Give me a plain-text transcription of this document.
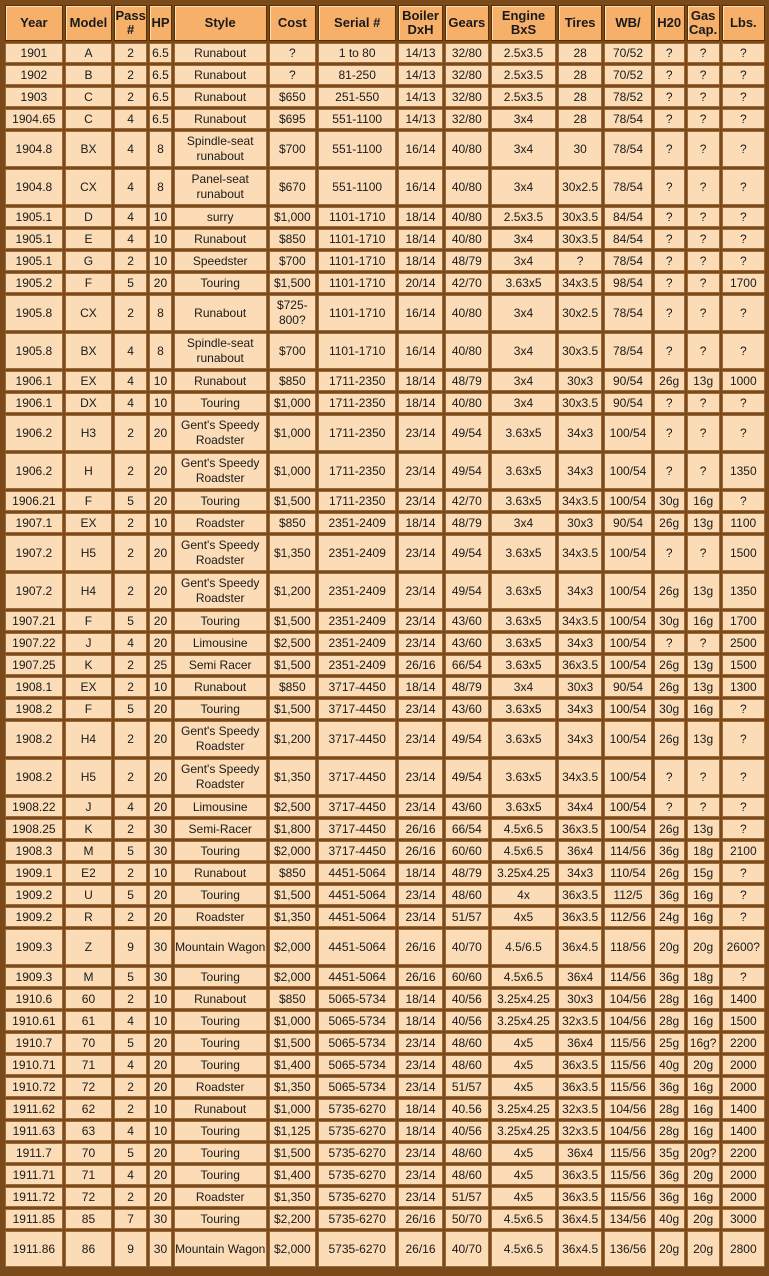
Year	Model	Pass #	HP	Style	Cost	Serial #	Boiler DxH	Gears	Engine BxS	Tires	WB/	H20	Gas Cap.	Lbs.
1901	A	2	6.5	Runabout	?	1 to 80	14/13	32/80	2.5x3.5	28	70/52	?	?	?
1902	B	2	6.5	Runabout	?	81-250	14/13	32/80	2.5x3.5	28	70/52	?	?	?
1903	C	2	6.5	Runabout	$650	251-550	14/13	32/80	2.5x3.5	28	78/52	?	?	?
1904.65	C	4	6.5	Runabout	$695	551-1100	14/13	32/80	3x4	28	78/54	?	?	?
1904.8	BX	4	8	Spindle-seat runabout	$700	551-1100	16/14	40/80	3x4	30	78/54	?	?	?
1904.8	CX	4	8	Panel-seat runabout	$670	551-1100	16/14	40/80	3x4	30x2.5	78/54	?	?	?
1905.1	D	4	10	surry	$1,000	1101-1710	18/14	40/80	2.5x3.5	30x3.5	84/54	?	?	?
1905.1	E	4	10	Runabout	$850	1101-1710	18/14	40/80	3x4	30x3.5	84/54	?	?	?
1905.1	G	2	10	Speedster	$700	1101-1710	18/14	48/79	3x4	?	78/54	?	?	?
1905.2	F	5	20	Touring	$1,500	1101-1710	20/14	42/70	3.63x5	34x3.5	98/54	?	?	1700
1905.8	CX	2	8	Runabout	$725-800?	1101-1710	16/14	40/80	3x4	30x2.5	78/54	?	?	?
1905.8	BX	4	8	Spindle-seat runabout	$700	1101-1710	16/14	40/80	3x4	30x3.5	78/54	?	?	?
1906.1	EX	4	10	Runabout	$850	1711-2350	18/14	48/79	3x4	30x3	90/54	26g	13g	1000
1906.1	DX	4	10	Touring	$1,000	1711-2350	18/14	40/80	3x4	30x3.5	90/54	?	?	?
1906.2	H3	2	20	Gent's Speedy Roadster	$1,000	1711-2350	23/14	49/54	3.63x5	34x3	100/54	?	?	?
1906.2	H	2	20	Gent's Speedy Roadster	$1,000	1711-2350	23/14	49/54	3.63x5	34x3	100/54	?	?	1350
1906.21	F	5	20	Touring	$1,500	1711-2350	23/14	42/70	3.63x5	34x3.5	100/54	30g	16g	?
1907.1	EX	2	10	Roadster	$850	2351-2409	18/14	48/79	3x4	30x3	90/54	26g	13g	1100
1907.2	H5	2	20	Gent's Speedy Roadster	$1,350	2351-2409	23/14	49/54	3.63x5	34x3.5	100/54	?	?	1500
1907.2	H4	2	20	Gent's Speedy Roadster	$1,200	2351-2409	23/14	49/54	3.63x5	34x3	100/54	26g	13g	1350
1907.21	F	5	20	Touring	$1,500	2351-2409	23/14	43/60	3.63x5	34x3.5	100/54	30g	16g	1700
1907.22	J	4	20	Limousine	$2,500	2351-2409	23/14	43/60	3.63x5	34x3	100/54	?	?	2500
1907.25	K	2	25	Semi Racer	$1,500	2351-2409	26/16	66/54	3.63x5	36x3.5	100/54	26g	13g	1500
1908.1	EX	2	10	Runabout	$850	3717-4450	18/14	48/79	3x4	30x3	90/54	26g	13g	1300
1908.2	F	5	20	Touring	$1,500	3717-4450	23/14	43/60	3.63x5	34x3	100/54	30g	16g	?
1908.2	H4	2	20	Gent's Speedy Roadster	$1,200	3717-4450	23/14	49/54	3.63x5	34x3	100/54	26g	13g	?
1908.2	H5	2	20	Gent's Speedy Roadster	$1,350	3717-4450	23/14	49/54	3.63x5	34x3.5	100/54	?	?	?
1908.22	J	4	20	Limousine	$2,500	3717-4450	23/14	43/60	3.63x5	34x4	100/54	?	?	?
1908.25	K	2	30	Semi-Racer	$1,800	3717-4450	26/16	66/54	4.5x6.5	36x3.5	100/54	26g	13g	?
1908.3	M	5	30	Touring	$2,000	3717-4450	26/16	60/60	4.5x6.5	36x4	114/56	36g	18g	2100
1909.1	E2	2	10	Runabout	$850	4451-5064	18/14	48/79	3.25x4.25	34x3	110/54	26g	15g	?
1909.2	U	5	20	Touring	$1,500	4451-5064	23/14	48/60	4x	36x3.5	112/5	36g	16g	?
1909.2	R	2	20	Roadster	$1,350	4451-5064	23/14	51/57	4x5	36x3.5	112/56	24g	16g	?
1909.3	Z	9	30	Mountain Wagon	$2,000	4451-5064	26/16	40/70	4.5/6.5	36x4.5	118/56	20g	20g	2600?
1909.3	M	5	30	Touring	$2,000	4451-5064	26/16	60/60	4.5x6.5	36x4	114/56	36g	18g	?
1910.6	60	2	10	Runabout	$850	5065-5734	18/14	40/56	3.25x4.25	30x3	104/56	28g	16g	1400
1910.61	61	4	10	Touring	$1,000	5065-5734	18/14	40/56	3.25x4.25	32x3.5	104/56	28g	16g	1500
1910.7	70	5	20	Touring	$1,500	5065-5734	23/14	48/60	4x5	36x4	115/56	25g	16g?	2200
1910.71	71	4	20	Touring	$1,400	5065-5734	23/14	48/60	4x5	36x3.5	115/56	40g	20g	2000
1910.72	72	2	20	Roadster	$1,350	5065-5734	23/14	51/57	4x5	36x3.5	115/56	36g	16g	2000
1911.62	62	2	10	Runabout	$1,000	5735-6270	18/14	40.56	3.25x4.25	32x3.5	104/56	28g	16g	1400
1911.63	63	4	10	Touring	$1,125	5735-6270	18/14	40/56	3.25x4.25	32x3.5	104/56	28g	16g	1400
1911.7	70	5	20	Touring	$1,500	5735-6270	23/14	48/60	4x5	36x4	115/56	35g	20g?	2200
1911.71	71	4	20	Touring	$1,400	5735-6270	23/14	48/60	4x5	36x3.5	115/56	36g	20g	2000
1911.72	72	2	20	Roadster	$1,350	5735-6270	23/14	51/57	4x5	36x3.5	115/56	36g	16g	2000
1911.85	85	7	30	Touring	$2,200	5735-6270	26/16	50/70	4.5x6.5	36x4.5	134/56	40g	20g	3000
1911.86	86	9	30	Mountain Wagon	$2,000	5735-6270	26/16	40/70	4.5x6.5	36x4.5	136/56	20g	20g	2800
